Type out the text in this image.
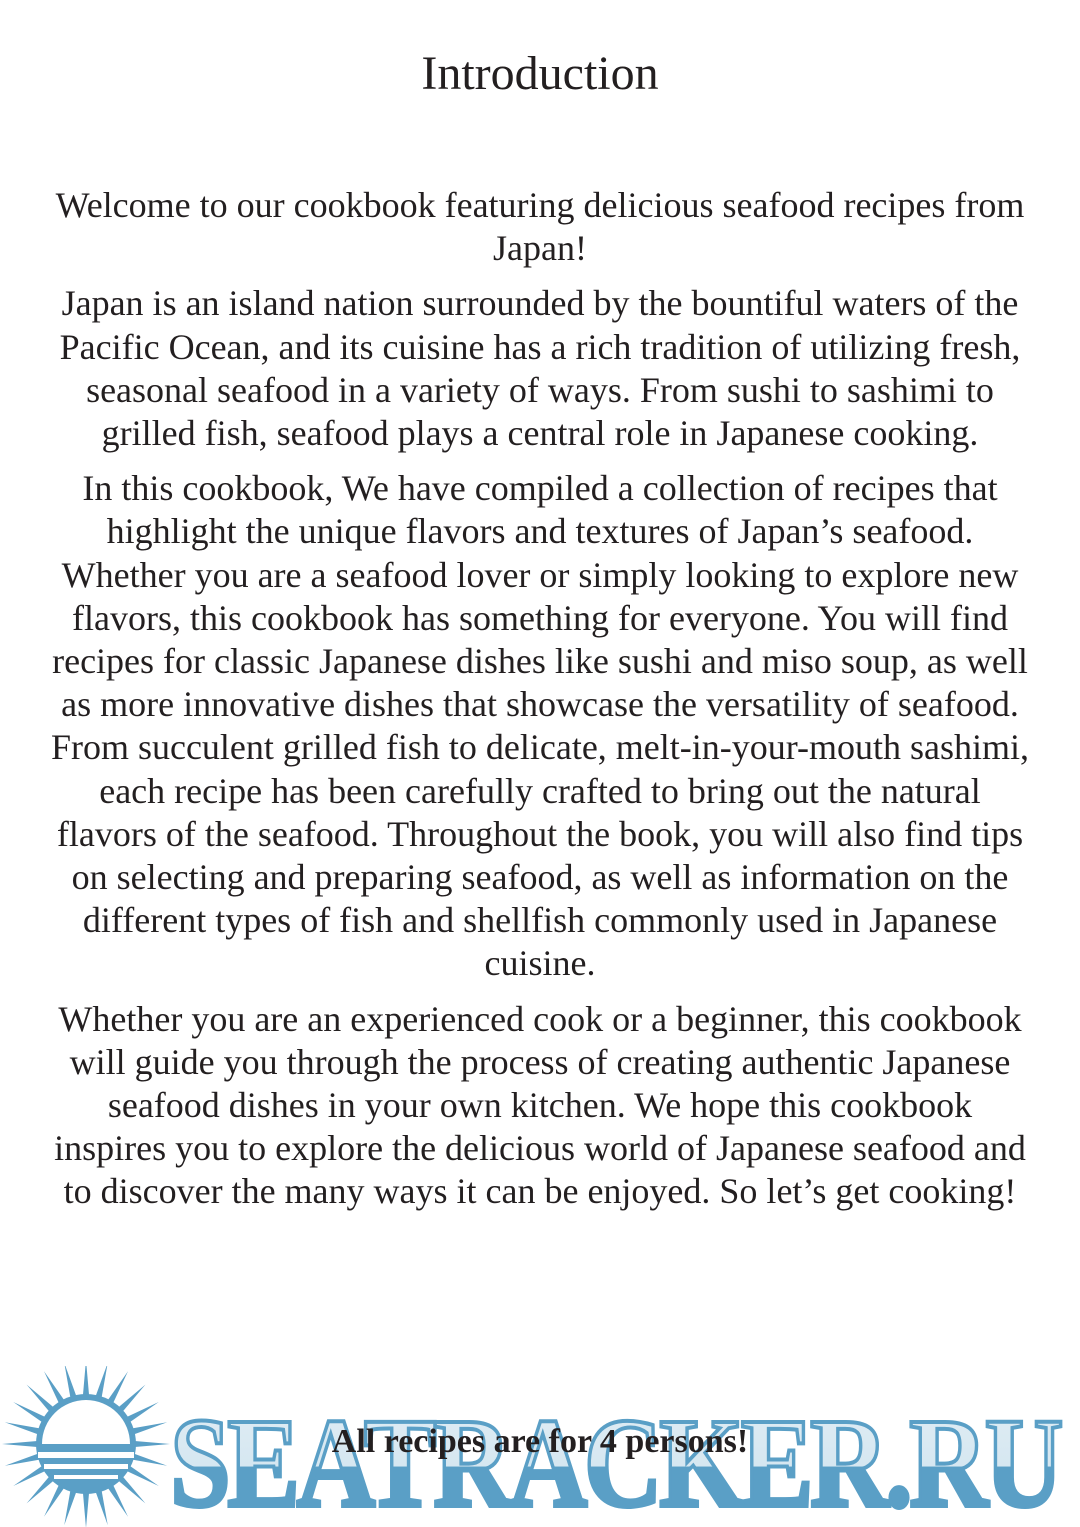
Introduction

Welcome to our cookbook featuring delicious seafood recipes from Japan!

Japan is an island nation surrounded by the bountiful waters of the Pacific Ocean, and its cuisine has a rich tradition of utilizing fresh, seasonal seafood in a variety of ways. From sushi to sashimi to grilled fish, seafood plays a central role in Japanese cooking.

In this cookbook, We have compiled a collection of recipes that highlight the unique flavors and textures of Japan’s seafood. Whether you are a seafood lover or simply looking to explore new flavors, this cookbook has something for everyone. You will find recipes for classic Japanese dishes like sushi and miso soup, as well as more innovative dishes that showcase the versatility of seafood. From succulent grilled fish to delicate, melt-in-your-mouth sashimi, each recipe has been carefully crafted to bring out the natural flavors of the seafood. Throughout the book, you will also find tips on selecting and preparing seafood, as well as information on the different types of fish and shellfish commonly used in Japanese cuisine.

Whether you are an experienced cook or a beginner, this cookbook will guide you through the process of creating authentic Japanese seafood dishes in your own kitchen. We hope this cookbook inspires you to explore the delicious world of Japanese seafood and to discover the many ways it can be enjoyed. So let’s get cooking!

SEATRACKER.RU
All recipes are for 4 persons!
